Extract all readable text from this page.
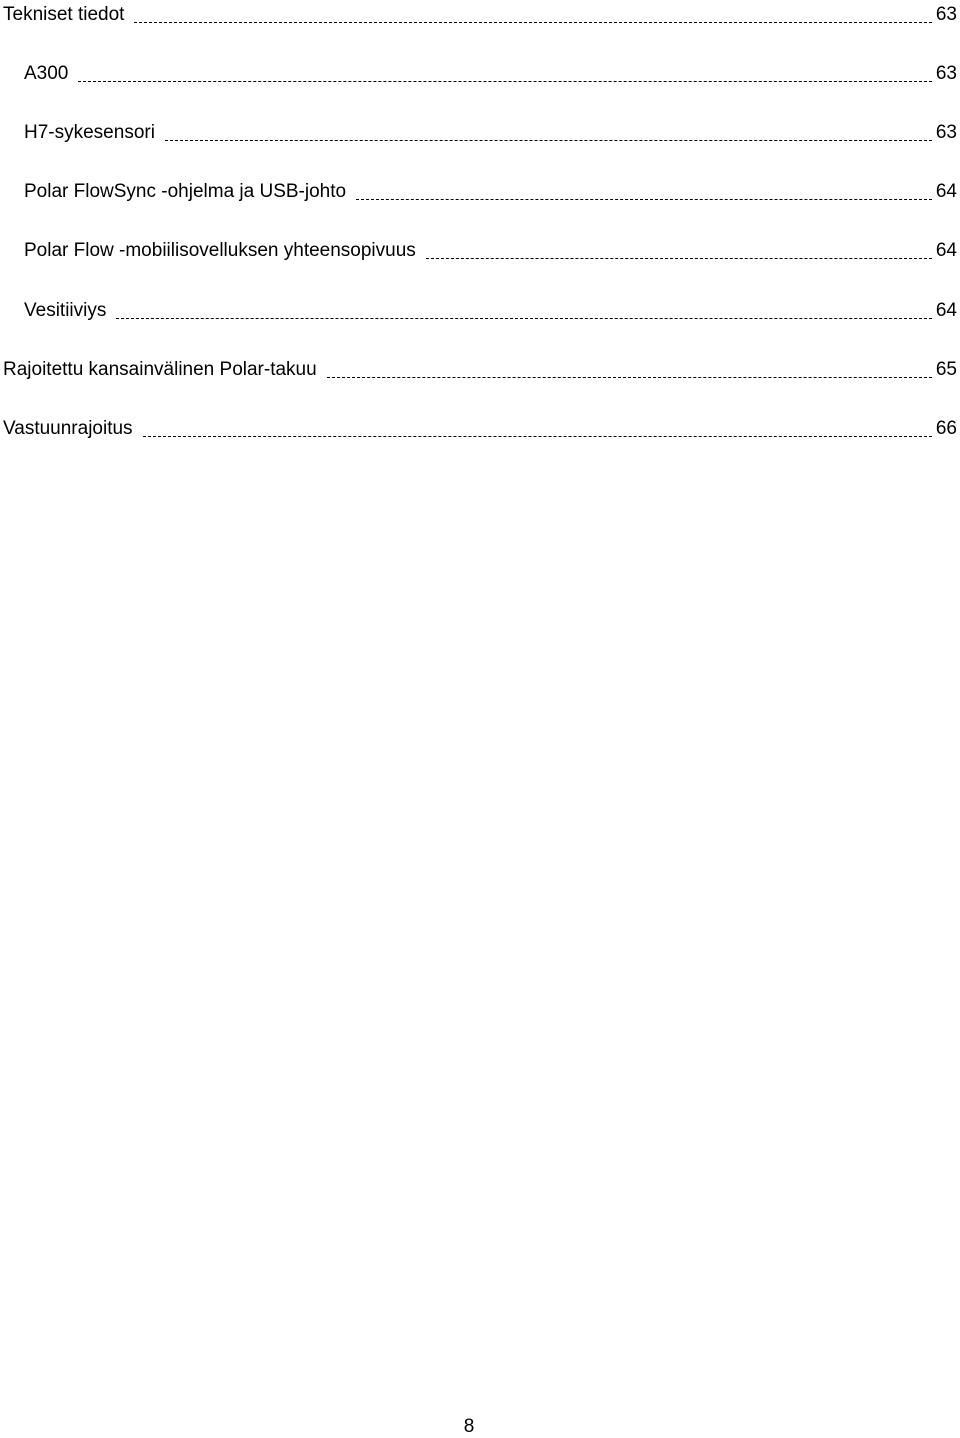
Tekniset tiedot	63
A300	63
H7-sykesensori	63
Polar FlowSync -ohjelma ja USB-johto	64
Polar Flow -mobiilisovelluksen yhteensopivuus	64
Vesitiiviys	64
Rajoitettu kansainvälinen Polar-takuu	65
Vastuunrajoitus	66
8
